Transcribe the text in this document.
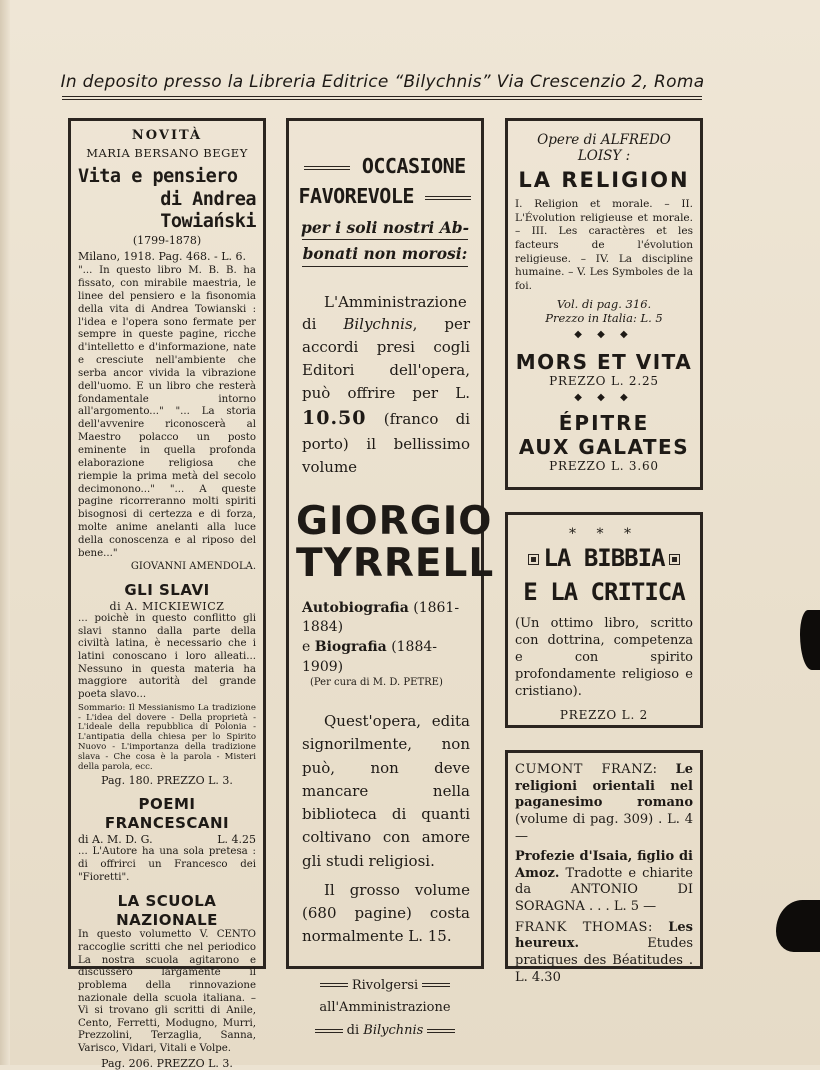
In deposito presso la Libreria Editrice “Bilychnis” Via Crescenzio 2, Roma
NOVITÀ
MARIA BERSANO BEGEY
Vita e pensiero
di Andrea Towiański
(1799-1878)
Milano, 1918. Pag. 468. - L. 6.
"... In questo libro M. B. B. ha fissato, con mirabile maestria, le linee del pensiero e la fisonomia della vita di Andrea Towianski : l'idea e l'opera sono fermate per sempre in queste pagine, ricche d'intelletto e d'informazione, nate e cresciute nell'ambiente che serba ancor vivida la vibrazione dell'uomo. E un libro che resterà fondamentale intorno all'argomento..." "... La storia dell'avvenire riconoscerà al Maestro polacco un posto eminente in quella profonda elaborazione religiosa che riempie la prima metà del secolo decimonono..." "... A queste pagine ricorreranno molti spiriti bisognosi di certezza e di forza, molte anime anelanti alla luce della conoscenza e al riposo del bene..."
GIOVANNI AMENDOLA.
GLI SLAVI
di A. MICKIEWICZ
... poichè in questo conflitto gli slavi stanno dalla parte della civiltà latina, è necessario che i latini conoscano i loro alleati... Nessuno in questa materia ha maggiore autorità del grande poeta slavo...
Sommario: Il Messianismo La tradizione - L'idea del dovere - Della proprietà - L'ideale della repubblica di Polonia - L'antipatia della chiesa per lo Spirito Nuovo - L'importanza della tradizione slava - Che cosa è la parola - Misteri della parola, ecc.
Pag. 180. PREZZO L. 3.
POEMI FRANCESCANI
di A. M. D. G.	L. 4.25
... L'Autore ha una sola pretesa : di offrirci un Francesco dei "Fioretti".
LA SCUOLA NAZIONALE
In questo volumetto V. CENTO raccoglie scritti che nel periodico La nostra scuola agitarono e discussero largamente il problema della rinnovazione nazionale della scuola italiana. – Vi si trovano gli scritti di Anile, Cento, Ferretti, Modugno, Murri, Prezzolini, Terzaglia, Sanna, Varisco, Vidari, Vitali e Volpe.
Pag. 206. PREZZO L. 3.
OCCASIONE
FAVOREVOLE
per i soli nostri Ab-
bonati non morosi:
L'Amministrazione di Bilychnis, per accordi presi cogli Editori dell'opera, può offrire per L. 10.50 (franco di porto) il bellissimo volume
GIORGIO
TYRRELL
Autobiografia (1861-1884)
e Biografia (1884-1909)
(Per cura di M. D. PETRE)
Quest'opera, edita signorilmente, non può, non deve mancare nella biblioteca di quanti coltivano con amore gli studi religiosi.
Il grosso volume (680 pagine) costa normalmente L. 15.
Rivolgersi
all'Amministrazione
di Bilychnis
Opere di ALFREDO LOISY :
LA RELIGION
I. Religion et morale. – II. L'Évolution religieuse et morale. – III. Les caractères et les facteurs de l'évolution religieuse. – IV. La discipline humaine. – V. Les Symboles de la foi.
Vol. di pag. 316.
Prezzo in Italia: L. 5
◆ ◆ ◆
MORS ET VITA
PREZZO L. 2.25
◆ ◆ ◆
ÉPITRE
AUX GALATES
PREZZO L. 3.60
* * *
LA BIBBIA
E LA CRITICA
(Un ottimo libro, scritto con dottrina, competenza e con spirito profondamente religioso e cristiano).
PREZZO L. 2
CUMONT FRANZ: Le religioni orientali nel paganesimo romano (volume di pag. 309) . L. 4 —
Profezie d'Isaia, figlio di Amoz. Tradotte e chiarite da ANTONIO DI SORAGNA . . . L. 5 —
FRANK THOMAS: Les heureux.	Etudes pratiques des Béatitudes . L. 4.30
